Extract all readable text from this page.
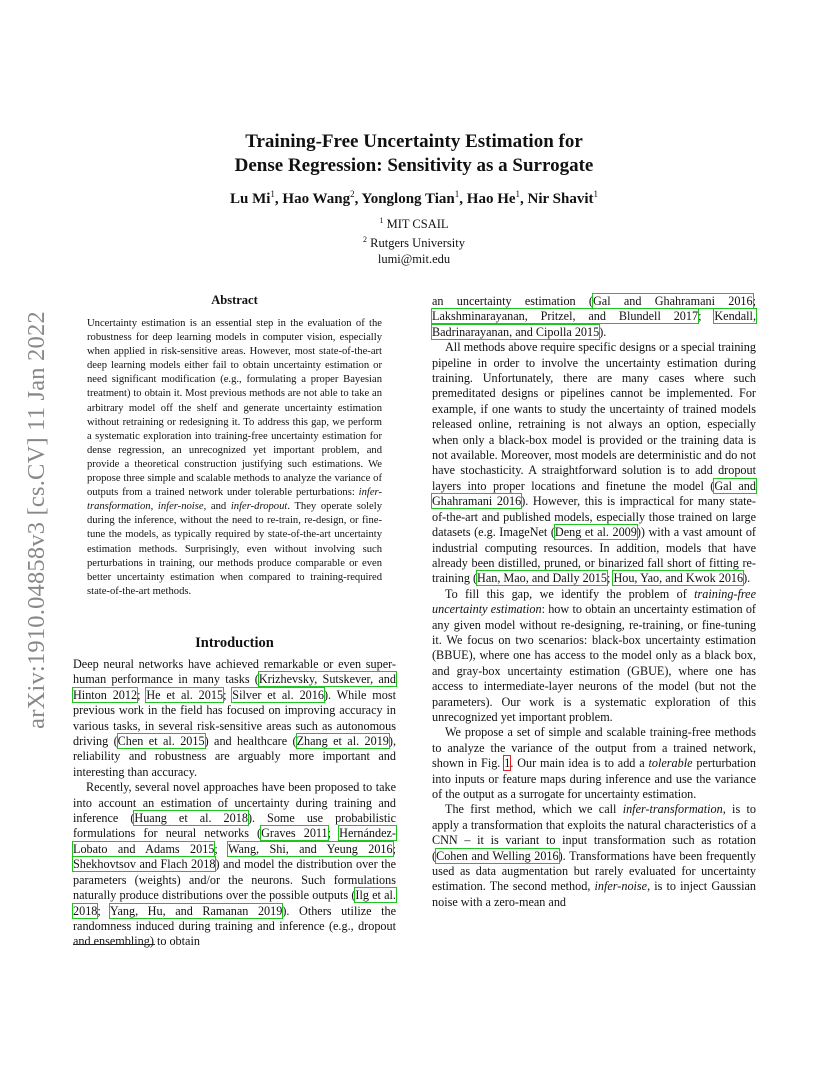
arXiv:1910.04858v3 [cs.CV] 11 Jan 2022
Training-Free Uncertainty Estimation for
Dense Regression: Sensitivity as a Surrogate
Lu Mi$^1$, Hao Wang$^2$, Yonglong Tian$^1$, Hao He$^1$, Nir Shavit$^1$
$^1$ MIT CSAIL
$^2$ Rutgers University
lumi@mit.edu
Abstract

Uncertainty estimation is an essential step in the evaluation of the robustness for deep learning models in computer vision, especially when applied in risk-sensitive areas. However, most state-of-the-art deep learning models either fail to obtain uncertainty estimation or need significant modification (e.g., formulating a proper Bayesian treatment) to obtain it. Most previous methods are not able to take an arbitrary model off the shelf and generate uncertainty estimation without retraining or redesigning it. To address this gap, we perform a systematic exploration into training-free uncertainty estimation for dense regression, an unrecognized yet important problem, and provide a theoretical construction justifying such estimations. We propose three simple and scalable methods to analyze the variance of outputs from a trained network under tolerable perturbations: infer-transformation, infer-noise, and infer-dropout. They operate solely during the inference, without the need to re-train, re-design, or fine-tune the models, as typically required by state-of-the-art uncertainty estimation methods. Surprisingly, even without involving such perturbations in training, our methods produce comparable or even better uncertainty estimation when compared to training-required state-of-the-art methods.

Introduction

Deep neural networks have achieved remarkable or even super-human performance in many tasks (Krizhevsky, Sutskever, and Hinton 2012; He et al. 2015; Silver et al. 2016). While most previous work in the field has focused on improving accuracy in various tasks, in several risk-sensitive areas such as autonomous driving (Chen et al. 2015) and healthcare (Zhang et al. 2019), reliability and robustness are arguably more important and interesting than accuracy.

Recently, several novel approaches have been proposed to take into account an estimation of uncertainty during training and inference (Huang et al. 2018). Some use probabilistic formulations for neural networks (Graves 2011; Hernández-Lobato and Adams 2015; Wang, Shi, and Yeung 2016; Shekhovtsov and Flach 2018) and model the distribution over the parameters (weights) and/or the neurons. Such formulations naturally produce distributions over the possible outputs (Ilg et al. 2018; Yang, Hu, and Ramanan 2019). Others utilize the randomness induced during training and inference (e.g., dropout and ensembling) to obtain

an uncertainty estimation (Gal and Ghahramani 2016; Lakshminarayanan, Pritzel, and Blundell 2017; Kendall, Badrinarayanan, and Cipolla 2015).

All methods above require specific designs or a special training pipeline in order to involve the uncertainty estimation during training. Unfortunately, there are many cases where such premeditated designs or pipelines cannot be implemented. For example, if one wants to study the uncertainty of trained models released online, retraining is not always an option, especially when only a black-box model is provided or the training data is not available. Moreover, most models are deterministic and do not have stochasticity. A straightforward solution is to add dropout layers into proper locations and finetune the model (Gal and Ghahramani 2016). However, this is impractical for many state-of-the-art and published models, especially those trained on large datasets (e.g. ImageNet (Deng et al. 2009)) with a vast amount of industrial computing resources. In addition, models that have already been distilled, pruned, or binarized fall short of fitting re-training (Han, Mao, and Dally 2015; Hou, Yao, and Kwok 2016).

To fill this gap, we identify the problem of training-free uncertainty estimation: how to obtain an uncertainty estimation of any given model without re-designing, re-training, or fine-tuning it. We focus on two scenarios: black-box uncertainty estimation (BBUE), where one has access to the model only as a black box, and gray-box uncertainty estimation (GBUE), where one has access to intermediate-layer neurons of the model (but not the parameters). Our work is a systematic exploration of this unrecognized yet important problem.

We propose a set of simple and scalable training-free methods to analyze the variance of the output from a trained network, shown in Fig. 1. Our main idea is to add a tolerable perturbation into inputs or feature maps during inference and use the variance of the output as a surrogate for uncertainty estimation.

The first method, which we call infer-transformation, is to apply a transformation that exploits the natural characteristics of a CNN – it is variant to input transformation such as rotation (Cohen and Welling 2016). Transformations have been frequently used as data augmentation but rarely evaluated for uncertainty estimation. The second method, infer-noise, is to inject Gaussian noise with a zero-mean and
